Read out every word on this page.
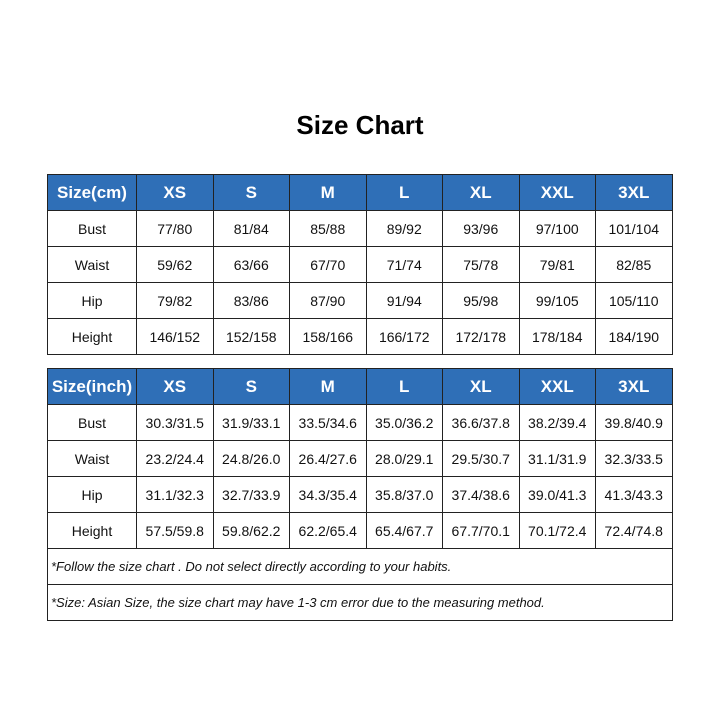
Size Chart
Size(cm)	XS	S	M	L	XL	XXL	3XL
Bust	77/80	81/84	85/88	89/92	93/96	97/100	101/104
Waist	59/62	63/66	67/70	71/74	75/78	79/81	82/85
Hip	79/82	83/86	87/90	91/94	95/98	99/105	105/110
Height	146/152	152/158	158/166	166/172	172/178	178/184	184/190
Size(inch)	XS	S	M	L	XL	XXL	3XL
Bust	30.3/31.5	31.9/33.1	33.5/34.6	35.0/36.2	36.6/37.8	38.2/39.4	39.8/40.9
Waist	23.2/24.4	24.8/26.0	26.4/27.6	28.0/29.1	29.5/30.7	31.1/31.9	32.3/33.5
Hip	31.1/32.3	32.7/33.9	34.3/35.4	35.8/37.0	37.4/38.6	39.0/41.3	41.3/43.3
Height	57.5/59.8	59.8/62.2	62.2/65.4	65.4/67.7	67.7/70.1	70.1/72.4	72.4/74.8
*Follow the size chart . Do not select directly according to your habits.							
*Size: Asian Size, the size chart may have 1-3 cm error due to the measuring method.							
